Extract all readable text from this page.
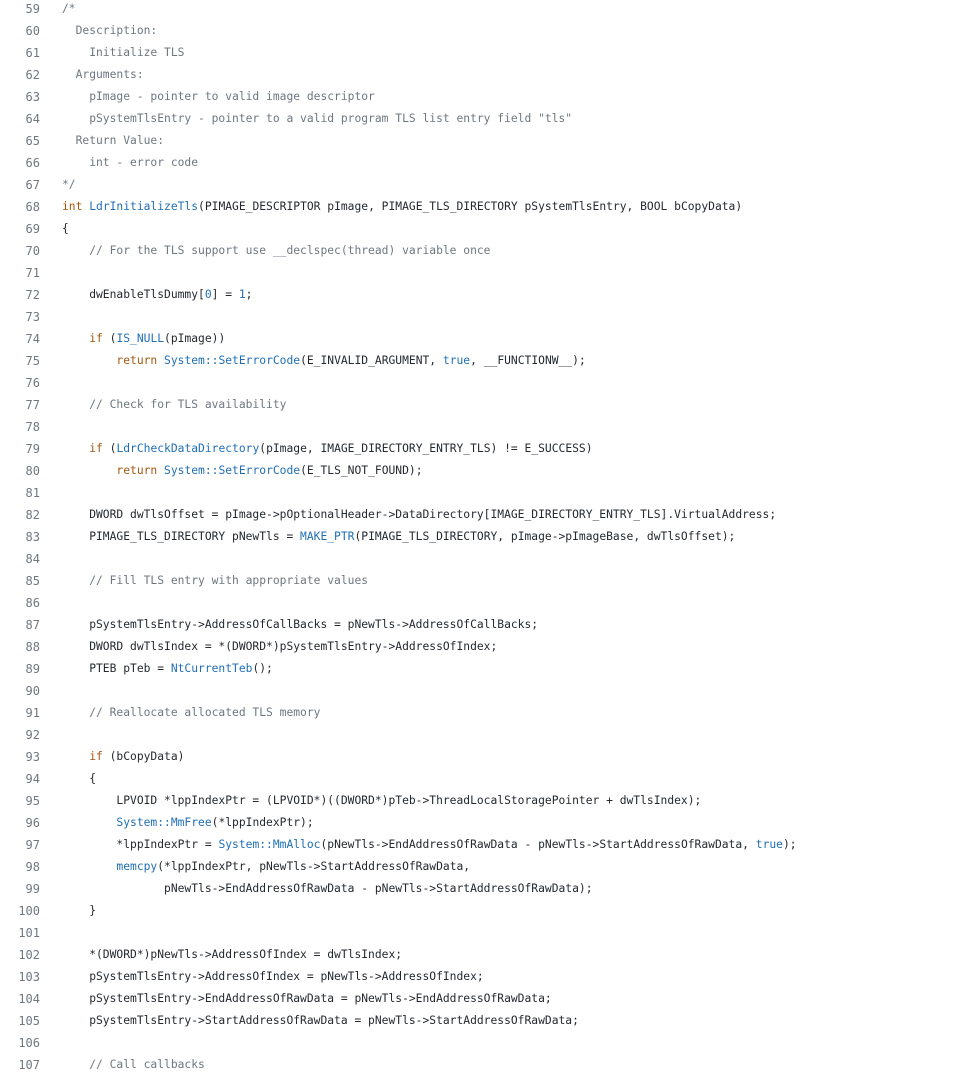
59	/*
60	Description:
61	Initialize TLS
62	Arguments:
63	pImage - pointer to valid image descriptor
64	pSystemTlsEntry - pointer to a valid program TLS list entry field "tls"
65	Return Value:
66	int - error code
67	*/
68	int LdrInitializeTls(PIMAGE_DESCRIPTOR pImage, PIMAGE_TLS_DIRECTORY pSystemTlsEntry, BOOL bCopyData)
69	{
70	// For the TLS support use __declspec(thread) variable once
71
72	dwEnableTlsDummy[0] = 1;
73
74	if (IS_NULL(pImage))
75	return System::SetErrorCode(E_INVALID_ARGUMENT, true, __FUNCTIONW__);
76
77	// Check for TLS availability
78
79	if (LdrCheckDataDirectory(pImage, IMAGE_DIRECTORY_ENTRY_TLS) != E_SUCCESS)
80	return System::SetErrorCode(E_TLS_NOT_FOUND);
81
82	DWORD dwTlsOffset = pImage->pOptionalHeader->DataDirectory[IMAGE_DIRECTORY_ENTRY_TLS].VirtualAddress;
83	PIMAGE_TLS_DIRECTORY pNewTls = MAKE_PTR(PIMAGE_TLS_DIRECTORY, pImage->pImageBase, dwTlsOffset);
84
85	// Fill TLS entry with appropriate values
86
87	pSystemTlsEntry->AddressOfCallBacks = pNewTls->AddressOfCallBacks;
88	DWORD dwTlsIndex = *(DWORD*)pSystemTlsEntry->AddressOfIndex;
89	PTEB pTeb = NtCurrentTeb();
90
91	// Reallocate allocated TLS memory
92
93	if (bCopyData)
94	{
95	LPVOID *lppIndexPtr = (LPVOID*)((DWORD*)pTeb->ThreadLocalStoragePointer + dwTlsIndex);
96	System::MmFree(*lppIndexPtr);
97	*lppIndexPtr = System::MmAlloc(pNewTls->EndAddressOfRawData - pNewTls->StartAddressOfRawData, true);
98	memcpy(*lppIndexPtr, pNewTls->StartAddressOfRawData,
99	pNewTls->EndAddressOfRawData - pNewTls->StartAddressOfRawData);
100	}
101
102	*(DWORD*)pNewTls->AddressOfIndex = dwTlsIndex;
103	pSystemTlsEntry->AddressOfIndex = pNewTls->AddressOfIndex;
104	pSystemTlsEntry->EndAddressOfRawData = pNewTls->EndAddressOfRawData;
105	pSystemTlsEntry->StartAddressOfRawData = pNewTls->StartAddressOfRawData;
106
107	// Call callbacks
